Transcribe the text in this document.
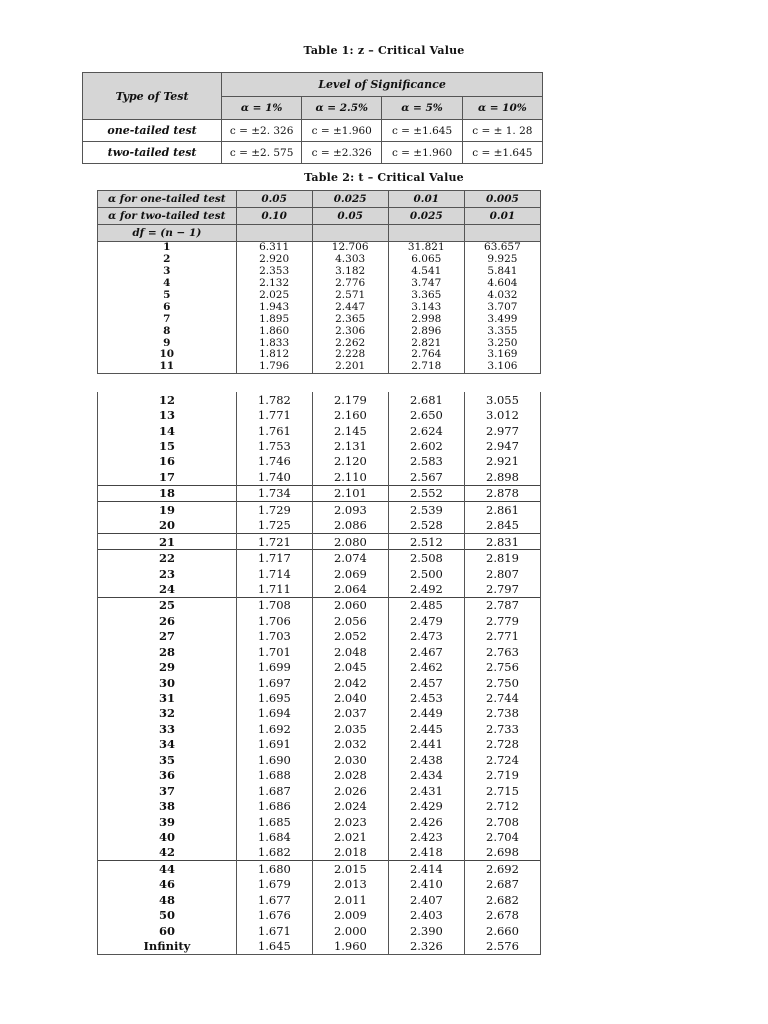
Table 1: z – Critical Value
Type of Test	Level of Significance			
	α = 1%	α = 2.5%	α = 5%	α = 10%
one-tailed test	c = ±2. 326	c = ±1.960	c = ±1.645	c = ± 1. 28
two-tailed test	c = ±2. 575	c = ±2.326	c = ±1.960	c = ±1.645
Table 2: t – Critical Value
α for one-tailed test	0.05	0.025	0.01	0.005
α for two-tailed test	0.10	0.05	0.025	0.01
df = (n − 1)				
1	6.311	12.706	31.821	63.657
2	2.920	4.303	6.065	9.925
3	2.353	3.182	4.541	5.841
4	2.132	2.776	3.747	4.604
5	2.025	2.571	3.365	4.032
6	1.943	2.447	3.143	3.707
7	1.895	2.365	2.998	3.499
8	1.860	2.306	2.896	3.355
9	1.833	2.262	2.821	3.250
10	1.812	2.228	2.764	3.169
11	1.796	2.201	2.718	3.106
12	1.782	2.179	2.681	3.055
13	1.771	2.160	2.650	3.012
14	1.761	2.145	2.624	2.977
15	1.753	2.131	2.602	2.947
16	1.746	2.120	2.583	2.921
17	1.740	2.110	2.567	2.898
18	1.734	2.101	2.552	2.878
19	1.729	2.093	2.539	2.861
20	1.725	2.086	2.528	2.845
21	1.721	2.080	2.512	2.831
22	1.717	2.074	2.508	2.819
23	1.714	2.069	2.500	2.807
24	1.711	2.064	2.492	2.797
25	1.708	2.060	2.485	2.787
26	1.706	2.056	2.479	2.779
27	1.703	2.052	2.473	2.771
28	1.701	2.048	2.467	2.763
29	1.699	2.045	2.462	2.756
30	1.697	2.042	2.457	2.750
31	1.695	2.040	2.453	2.744
32	1.694	2.037	2.449	2.738
33	1.692	2.035	2.445	2.733
34	1.691	2.032	2.441	2.728
35	1.690	2.030	2.438	2.724
36	1.688	2.028	2.434	2.719
37	1.687	2.026	2.431	2.715
38	1.686	2.024	2.429	2.712
39	1.685	2.023	2.426	2.708
40	1.684	2.021	2.423	2.704
42	1.682	2.018	2.418	2.698
44	1.680	2.015	2.414	2.692
46	1.679	2.013	2.410	2.687
48	1.677	2.011	2.407	2.682
50	1.676	2.009	2.403	2.678
60	1.671	2.000	2.390	2.660
Infinity	1.645	1.960	2.326	2.576
